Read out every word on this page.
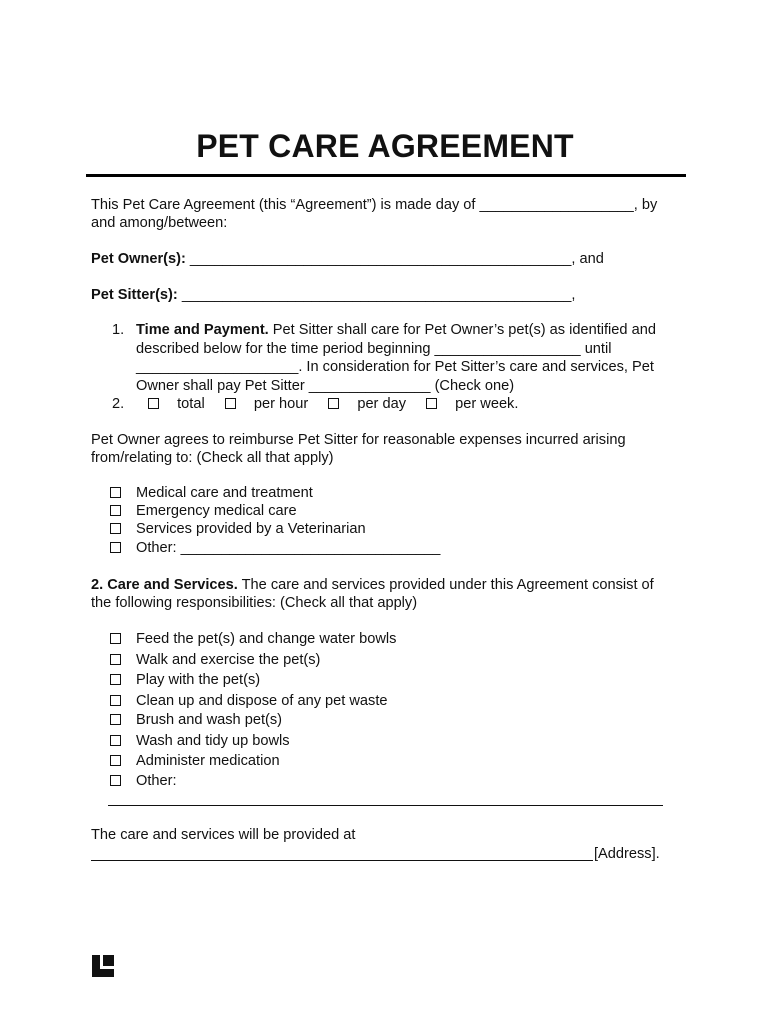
PET CARE AGREEMENT
This Pet Care Agreement (this “Agreement”) is made day of ___________________, by
and among/between:
Pet Owner(s): _______________________________________________, and
Pet Sitter(s): ________________________________________________,
1. Time and Payment. Pet Sitter shall care for Pet Owner’s pet(s) as identified and
described below for the time period beginning __________________ until
____________________. In consideration for Pet Sitter’s care and services, Pet
Owner shall pay Pet Sitter _______________ (Check one)
2.	total	per hour	per day	per week.
Pet Owner agrees to reimburse Pet Sitter for reasonable expenses incurred arising
from/relating to: (Check all that apply)
Medical care and treatment
Emergency medical care
Services provided by a Veterinarian
Other: ________________________________
2. Care and Services. The care and services provided under this Agreement consist of
the following responsibilities: (Check all that apply)
Feed the pet(s) and change water bowls
Walk and exercise the pet(s)
Play with the pet(s)
Clean up and dispose of any pet waste
Brush and wash pet(s)
Wash and tidy up bowls
Administer medication
Other:
The care and services will be provided at
[Address].
